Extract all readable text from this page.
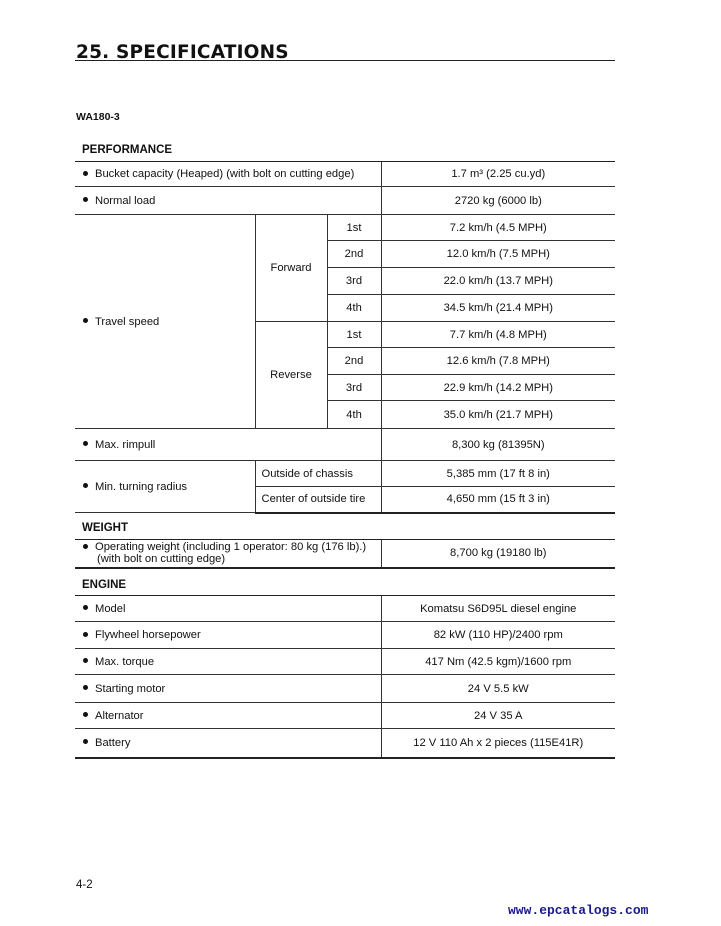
25. SPECIFICATIONS
WA180-3
PERFORMANCE
Bucket capacity (Heaped) (with bolt on cutting edge)			1.7 m³ (2.25 cu.yd)
Normal load			2720 kg (6000 lb)
Travel speed	Forward	1st	7.2 km/h (4.5 MPH)
		2nd	12.0 km/h (7.5 MPH)
		3rd	22.0 km/h (13.7 MPH)
		4th	34.5 km/h (21.4 MPH)
	Reverse	1st	7.7 km/h (4.8 MPH)
		2nd	12.6 km/h (7.8 MPH)
		3rd	22.9 km/h (14.2 MPH)
		4th	35.0 km/h (21.7 MPH)
Max. rimpull			8,300 kg (81395N)
Min. turning radius	Outside of chassis		5,385 mm (17 ft 8 in)
	Center of outside tire		4,650 mm (15 ft 3 in)
WEIGHT
Operating weight (including 1 operator: 80 kg (176 lb).)
(with bolt on cutting edge)	8,700 kg (19180 lb)
ENGINE
Model	Komatsu S6D95L diesel engine
Flywheel horsepower	82 kW (110 HP)/2400 rpm
Max. torque	417 Nm (42.5 kgm)/1600 rpm
Starting motor	24 V 5.5 kW
Alternator	24 V 35 A
Battery	12 V 110 Ah x 2 pieces (115E41R)
4-2
www.epcatalogs.com
